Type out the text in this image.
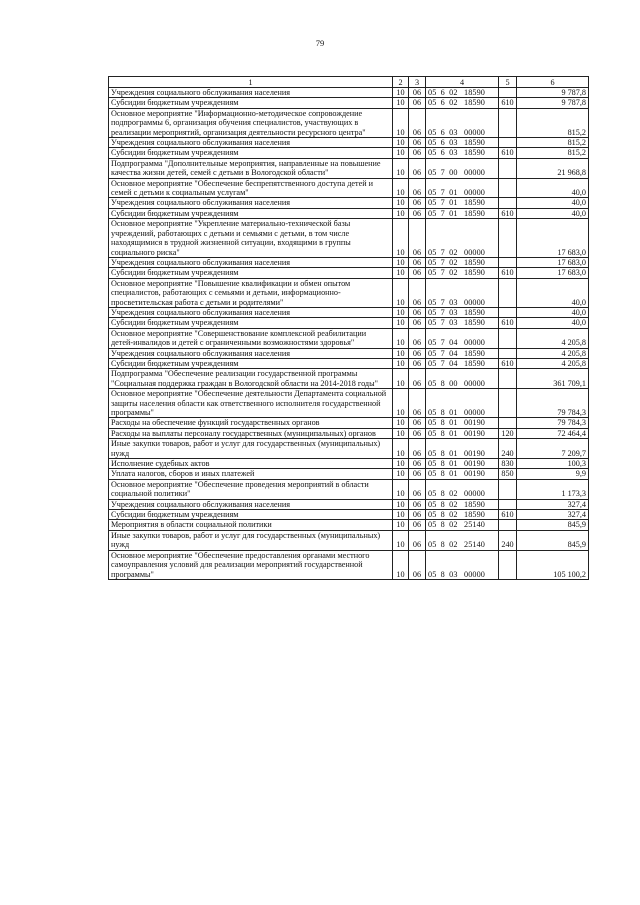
79
1	2	3	4	5	6
Учреждения социального обслуживания населения	10	06	05  6  02   18590		9 787,8
Субсидии бюджетным учреждениям	10	06	05  6  02   18590	610	9 787,8
Основное мероприятие "Информационно-методическое сопровождение подпрограммы 6, организация обучения специалистов, участвующих в реализации мероприятий, организация деятельности ресурсного центра"	10	06	05  6  03   00000		815,2
Учреждения социального обслуживания населения	10	06	05  6  03   18590		815,2
Субсидии бюджетным учреждениям	10	06	05  6  03   18590	610	815,2
Подпрограмма "Дополнительные мероприятия, направленные на повышение качества жизни детей, семей с детьми в Вологодской области"	10	06	05  7  00   00000		21 968,8
Основное мероприятие "Обеспечение беспрепятственного доступа детей и семей с детьми к социальным услугам"	10	06	05  7  01   00000		40,0
Учреждения социального обслуживания населения	10	06	05  7  01   18590		40,0
Субсидии бюджетным учреждениям	10	06	05  7  01   18590	610	40,0
Основное мероприятие "Укрепление материально-технической базы учреждений, работающих с детьми и семьями с детьми, в том числе находящимися в трудной жизненной ситуации, входящими в группы социального риска"	10	06	05  7  02   00000		17 683,0
Учреждения социального обслуживания населения	10	06	05  7  02   18590		17 683,0
Субсидии бюджетным учреждениям	10	06	05  7  02   18590	610	17 683,0
Основное мероприятие "Повышение квалификации и обмен опытом специалистов, работающих с семьями и детьми, информационно-просветительская работа с детьми и родителями"	10	06	05  7  03   00000		40,0
Учреждения социального обслуживания населения	10	06	05  7  03   18590		40,0
Субсидии бюджетным учреждениям	10	06	05  7  03   18590	610	40,0
Основное мероприятие "Совершенствование комплексной реабилитации детей-инвалидов и детей с ограниченными возможностями здоровья"	10	06	05  7  04   00000		4 205,8
Учреждения социального обслуживания населения	10	06	05  7  04   18590		4 205,8
Субсидии бюджетным учреждениям	10	06	05  7  04   18590	610	4 205,8
Подпрограмма "Обеспечение реализации государственной программы "Социальная поддержка граждан в Вологодской области на 2014-2018 годы"	10	06	05  8  00   00000		361 709,1
Основное мероприятие "Обеспечение деятельности Департамента социальной защиты населения области как ответственного исполнителя государственной программы"	10	06	05  8  01   00000		79 784,3
Расходы на обеспечение функций государственных органов	10	06	05  8  01   00190		79 784,3
Расходы на выплаты персоналу государственных (муниципальных) органов	10	06	05  8  01   00190	120	72 464,4
Иные закупки товаров, работ и услуг для государственных (муниципальных) нужд	10	06	05  8  01   00190	240	7 209,7
Исполнение судебных актов	10	06	05  8  01   00190	830	100,3
Уплата налогов, сборов и иных платежей	10	06	05  8  01   00190	850	9,9
Основное мероприятие "Обеспечение проведения мероприятий в области социальной политики"	10	06	05  8  02   00000		1 173,3
Учреждения социального обслуживания населения	10	06	05  8  02   18590		327,4
Субсидии бюджетным учреждениям	10	06	05  8  02   18590	610	327,4
Мероприятия в области социальной политики	10	06	05  8  02   25140		845,9
Иные закупки товаров, работ и услуг для государственных (муниципальных) нужд	10	06	05  8  02   25140	240	845,9
Основное мероприятие "Обеспечение предоставления органами местного самоуправления условий для реализации мероприятий государственной программы"	10	06	05  8  03   00000		105 100,2
